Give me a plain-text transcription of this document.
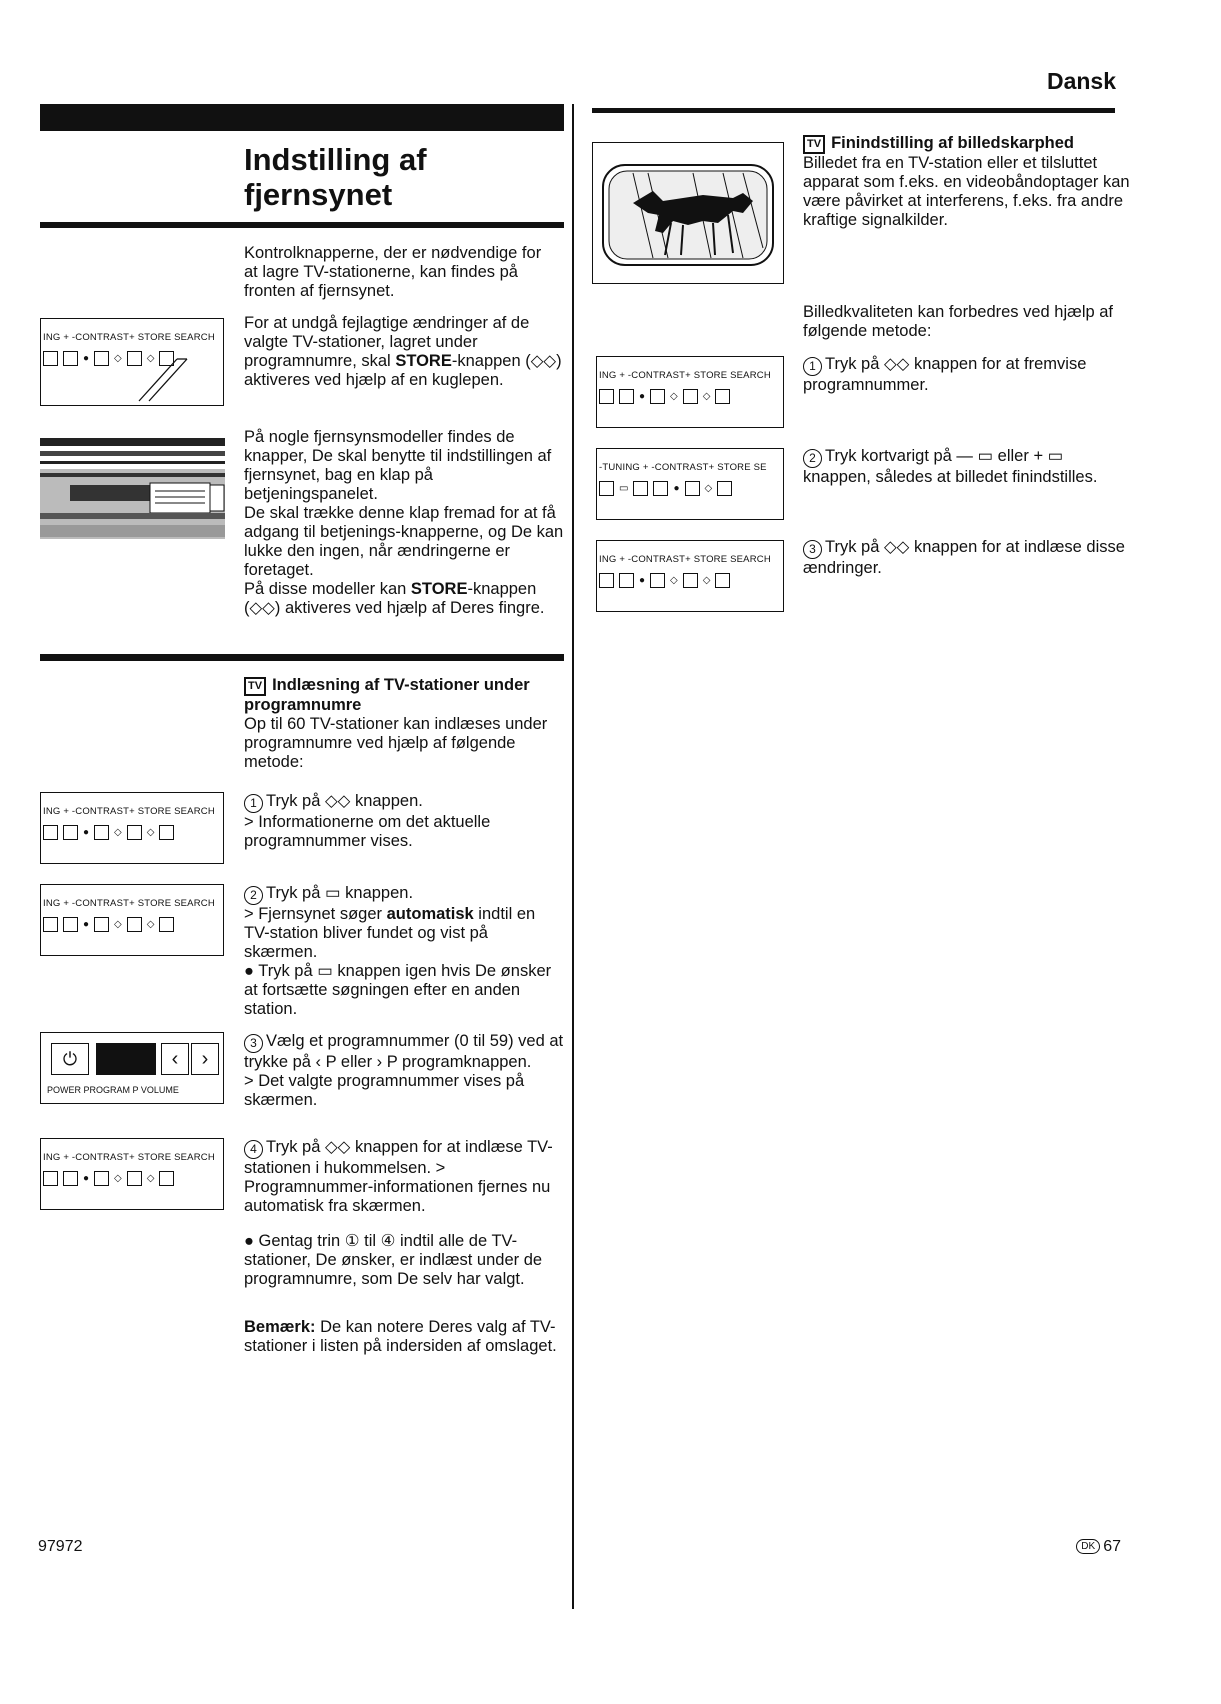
Dansk
Indstilling af fjernsynet

Kontrolknapperne, der er nødvendige for at lagre TV-stationerne, kan findes på fronten af fjernsynet.

ING + -CONTRAST+ STORE SEARCH
●	◇	◇

For at undgå fejlagtige ændringer af de valgte TV-stationer, lagret under programnumre, skal STORE-knappen (◇◇) aktiveres ved hjælp af en kuglepen.

På nogle fjernsynsmodeller findes de knapper, De skal benytte til indstillingen af fjernsynet, bag en klap på betjeningspanelet.

De skal trække denne klap fremad for at få adgang til betjenings-knapperne, og De kan lukke den ingen, når ændringerne er foretaget.

På disse modeller kan STORE-knappen (◇◇) aktiveres ved hjælp af Deres fingre.

TV Indlæsning af TV-stationer under programnumre

Op til 60 TV-stationer kan indlæses under programnumre ved hjælp af følgende metode:

ING + -CONTRAST+ STORE SEARCH
●	◇	◇

1 Tryk på ◇◇ knappen.

> Informationerne om det aktuelle programnummer vises.

ING + -CONTRAST+ STORE SEARCH
●	◇	◇

2 Tryk på ▭ knappen.

> Fjernsynet søger automatisk indtil en TV-station bliver fundet og vist på skærmen.

● Tryk på ▭ knappen igen hvis De ønsker at fortsætte søgningen efter en anden station.

⏻	‹	›
POWER PROGRAM P VOLUME

3 Vælg et programnummer (0 til 59) ved at trykke på ‹ P eller › P programknappen.

> Det valgte programnummer vises på skærmen.

ING + -CONTRAST+ STORE SEARCH
●	◇	◇

4 Tryk på ◇◇ knappen for at indlæse TV-stationen i hukommelsen. > Programnummer-informationen fjernes nu automatisk fra skærmen.

● Gentag trin ① til ④ indtil alle de TV-stationer, De ønsker, er indlæst under de programnumre, som De selv har valgt.

Bemærk: De kan notere Deres valg af TV-stationer i listen på indersiden af omslaget.

TV Finindstilling af billedskarphed

Billedet fra en TV-station eller et tilsluttet apparat som f.eks. en videobåndoptager kan være påvirket at interferens, f.eks. fra andre kraftige signalkilder.

Billedkvaliteten kan forbedres ved hjælp af følgende metode:

ING + -CONTRAST+ STORE SEARCH
●	◇	◇

1 Tryk på ◇◇ knappen for at fremvise programnummer.

-TUNING + -CONTRAST+ STORE SE
▭	●	◇

2 Tryk kortvarigt på — ▭ eller + ▭ knappen, således at billedet finindstilles.

ING + -CONTRAST+ STORE SEARCH
●	◇	◇

3 Tryk på ◇◇ knappen for at indlæse disse ændringer.

97972	DK 67
